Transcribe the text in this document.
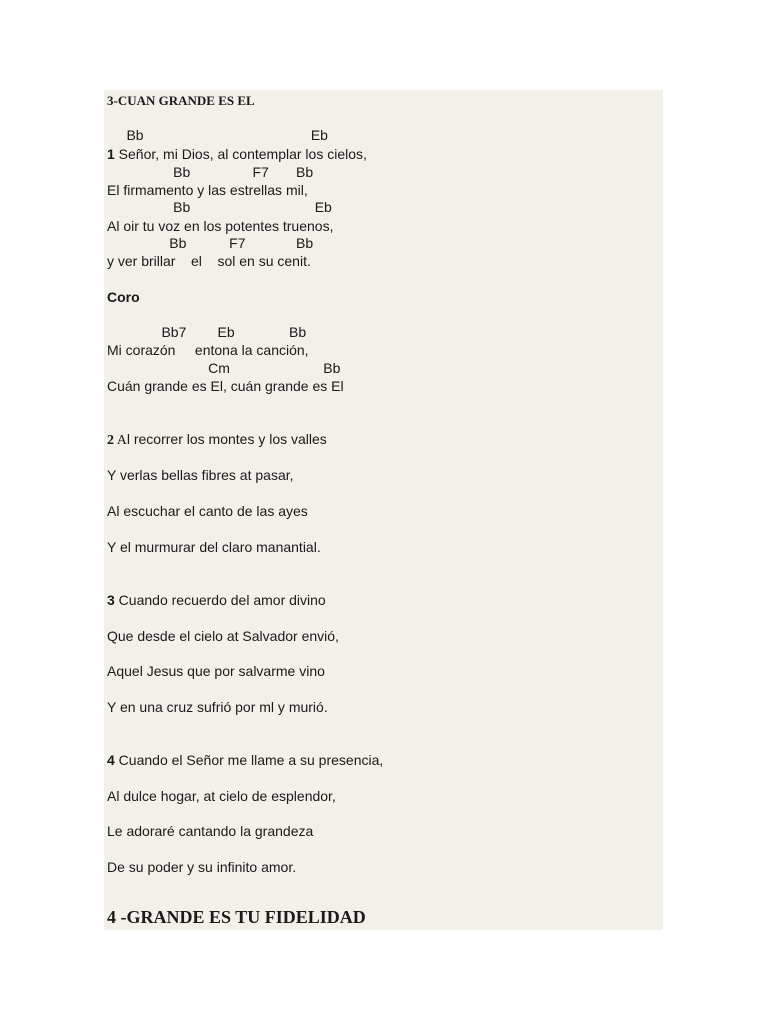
3-CUAN GRANDE ES EL
Bb                                           Eb
1 Señor, mi Dios, al contemplar los cielos,
Bb                F7       Bb
El firmamento y las estrellas mil,
Bb                                Eb
Al oir tu voz en los potentes truenos,
Bb           F7             Bb
y ver brillar    el    sol en su cenit.
Coro
Bb7        Eb              Bb
Mi corazón     entona la canción,
Cm                        Bb
Cuán grande es El, cuán grande es El
2 Al recorrer los montes y los valles
Y verlas bellas fibres at pasar,
Al escuchar el canto de las ayes
Y el murmurar del claro manantial.
3 Cuando recuerdo del amor divino
Que desde el cielo at Salvador envió,
Aquel Jesus que por salvarme vino
Y en una cruz sufrió por ml y murió.
4 Cuando el Señor me llame a su presencia,
Al dulce hogar, at cielo de esplendor,
Le adoraré cantando la grandeza
De su poder y su infinito amor.
4 -GRANDE ES TU FIDELIDAD
